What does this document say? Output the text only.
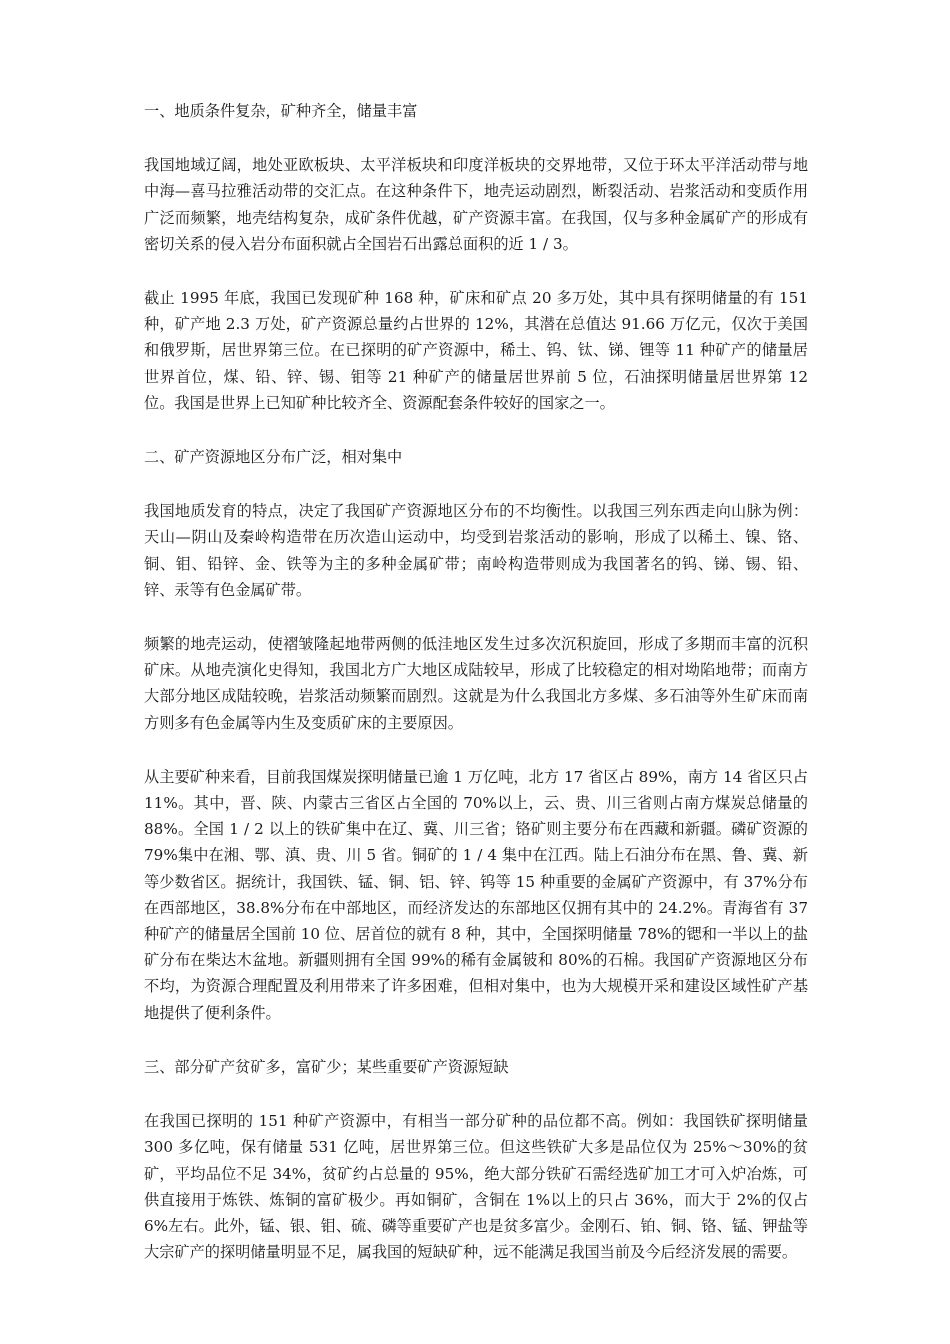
一、地质条件复杂，矿种齐全，储量丰富

我国地域辽阔，地处亚欧板块、太平洋板块和印度洋板块的交界地带，又位于环太平洋活动带与地中海—喜马拉雅活动带的交汇点。在这种条件下，地壳运动剧烈，断裂活动、岩浆活动和变质作用广泛而频繁，地壳结构复杂，成矿条件优越，矿产资源丰富。在我国，仅与多种金属矿产的形成有密切关系的侵入岩分布面积就占全国岩石出露总面积的近 1 / 3。

截止 1995 年底，我国已发现矿种 168 种，矿床和矿点 20 多万处，其中具有探明储量的有 151 种，矿产地 2.3 万处，矿产资源总量约占世界的 12%，其潜在总值达 91.66 万亿元，仅次于美国和俄罗斯，居世界第三位。在已探明的矿产资源中，稀土、钨、钛、锑、锂等 11 种矿产的储量居世界首位，煤、铅、锌、锡、钼等 21 种矿产的储量居世界前 5 位，石油探明储量居世界第 12 位。我国是世界上已知矿种比较齐全、资源配套条件较好的国家之一。

二、矿产资源地区分布广泛，相对集中

我国地质发育的特点，决定了我国矿产资源地区分布的不均衡性。以我国三列东西走向山脉为例：天山—阴山及秦岭构造带在历次造山运动中，均受到岩浆活动的影响，形成了以稀土、镍、铬、铜、钼、铅锌、金、铁等为主的多种金属矿带；南岭构造带则成为我国著名的钨、锑、锡、铅、锌、汞等有色金属矿带。

频繁的地壳运动，使褶皱隆起地带两侧的低洼地区发生过多次沉积旋回，形成了多期而丰富的沉积矿床。从地壳演化史得知，我国北方广大地区成陆较早，形成了比较稳定的相对坳陷地带；而南方大部分地区成陆较晚，岩浆活动频繁而剧烈。这就是为什么我国北方多煤、多石油等外生矿床而南方则多有色金属等内生及变质矿床的主要原因。

从主要矿种来看，目前我国煤炭探明储量已逾 1 万亿吨，北方 17 省区占 89%，南方 14 省区只占 11%。其中，晋、陕、内蒙古三省区占全国的 70%以上，云、贵、川三省则占南方煤炭总储量的 88%。全国 1 / 2 以上的铁矿集中在辽、冀、川三省；铬矿则主要分布在西藏和新疆。磷矿资源的 79%集中在湘、鄂、滇、贵、川 5 省。铜矿的 1 / 4 集中在江西。陆上石油分布在黑、鲁、冀、新等少数省区。据统计，我国铁、锰、铜、铝、锌、钨等 15 种重要的金属矿产资源中，有 37%分布在西部地区，38.8%分布在中部地区，而经济发达的东部地区仅拥有其中的 24.2%。青海省有 37 种矿产的储量居全国前 10 位、居首位的就有 8 种，其中，全国探明储量 78%的锶和一半以上的盐矿分布在柴达木盆地。新疆则拥有全国 99%的稀有金属铍和 80%的石棉。我国矿产资源地区分布不均，为资源合理配置及利用带来了许多困难，但相对集中，也为大规模开采和建设区域性矿产基地提供了便利条件。

三、部分矿产贫矿多，富矿少；某些重要矿产资源短缺

在我国已探明的 151 种矿产资源中，有相当一部分矿种的品位都不高。例如：我国铁矿探明储量 300 多亿吨，保有储量 531 亿吨，居世界第三位。但这些铁矿大多是品位仅为 25%～30%的贫矿，平均品位不足 34%，贫矿约占总量的 95%，绝大部分铁矿石需经选矿加工才可入炉冶炼，可供直接用于炼铁、炼铜的富矿极少。再如铜矿，含铜在 1%以上的只占 36%，而大于 2%的仅占 6%左右。此外，锰、银、钼、硫、磷等重要矿产也是贫多富少。金刚石、铂、铜、铬、锰、钾盐等大宗矿产的探明储量明显不足，属我国的短缺矿种，远不能满足我国当前及今后经济发展的需要。
